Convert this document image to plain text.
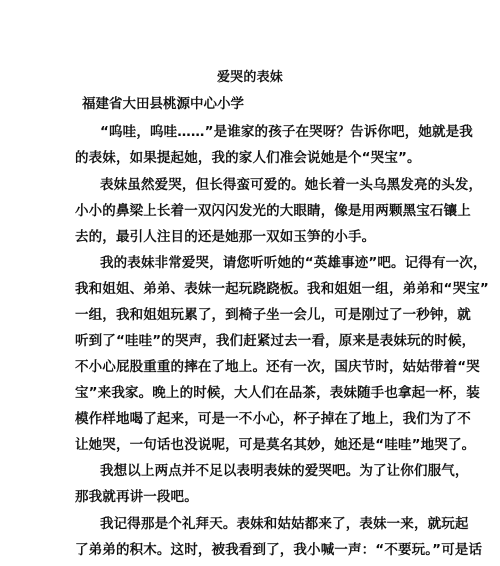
爱哭的表妹
福建省大田县桃源中心小学
“呜哇，呜哇……”是谁家的孩子在哭呀？告诉你吧，她就是我
的表妹，如果提起她，我的家人们准会说她是个“哭宝”。
表妹虽然爱哭，但长得蛮可爱的。她长着一头乌黑发亮的头发，
小小的鼻梁上长着一双闪闪发光的大眼睛，像是用两颗黑宝石镶上
去的，最引人注目的还是她那一双如玉笋的小手。
我的表妹非常爱哭，请您听听她的“英雄事迹”吧。记得有一次，
我和姐姐、弟弟、表妹一起玩跷跷板。我和姐姐一组，弟弟和“哭宝”
一组，我和姐姐玩累了，到椅子坐一会儿，可是刚过了一秒钟，就
听到了“哇哇”的哭声，我们赶紧过去一看，原来是表妹玩的时候，
不小心屁股重重的摔在了地上。还有一次，国庆节时，姑姑带着“哭
宝”来我家。晚上的时候，大人们在品茶，表妹随手也拿起一杯，装
模作样地喝了起来，可是一不小心，杯子掉在了地上，我们为了不
让她哭，一句话也没说呢，可是莫名其妙，她还是“哇哇”地哭了。
我想以上两点并不足以表明表妹的爱哭吧。为了让你们服气，
那我就再讲一段吧。
我记得那是个礼拜天。表妹和姑姑都来了，表妹一来，就玩起
了弟弟的积木。这时，被我看到了，我小喊一声：“不要玩。”可是话
